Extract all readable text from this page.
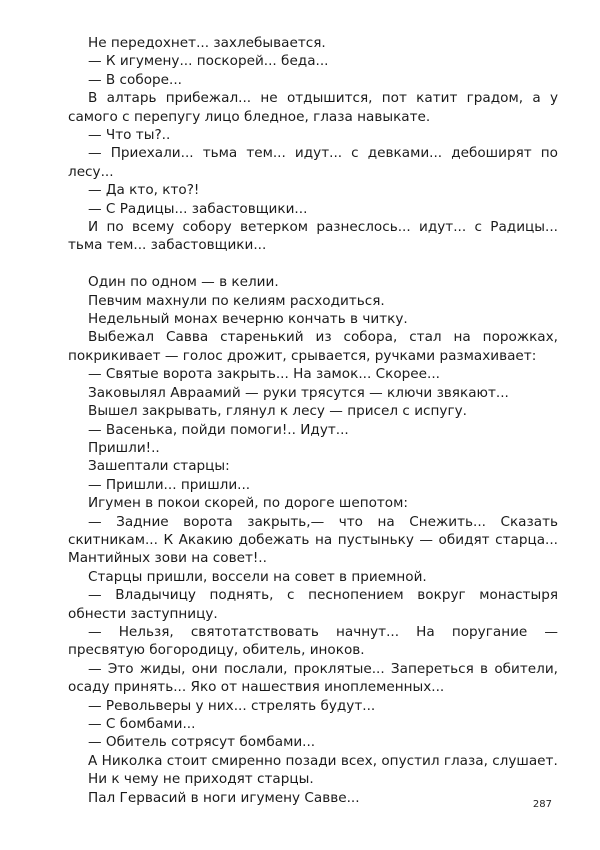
Не передохнет... захлебывается.

— К игумену... поскорей... беда...

— В соборе...

В алтарь прибежал... не отдышится, пот катит градом, а у самого с перепугу лицо бледное, глаза навыкате.

— Что ты?..

— Приехали... тьма тем... идут... с девками... дебоширят по лесу...

— Да кто, кто?!

— С Радицы... забастовщики...

И по всему собору ветерком разнеслось... идут... с Радицы... тьма тем... забастовщики...

Один по одном — в келии.

Певчим махнули по келиям расходиться.

Недельный монах вечерню кончать в читку.

Выбежал Савва старенький из собора, стал на порожках, покрикивает — голос дрожит, срывается, ручками размахивает:

— Святые ворота закрыть... На замок... Скорее...

Заковылял Авраамий — руки трясутся — ключи звякают...

Вышел закрывать, глянул к лесу — присел с испугу.

— Васенька, пойди помоги!.. Идут...

Пришли!..

Зашептали старцы:

— Пришли... пришли...

Игумен в покои скорей, по дороге шепотом:

— Задние ворота закрыть,— что на Снежить... Сказать скитникам... К Акакию добежать на пустыньку — обидят старца... Мантийных зови на совет!..

Старцы пришли, воссели на совет в приемной.

— Владычицу поднять, с песнопением вокруг монастыря обнести заступницу.

— Нельзя, святотатствовать начнут... На поругание — пресвятую богородицу, обитель, иноков.

— Это жиды, они послали, проклятые... Запереться в обители, осаду принять... Яко от нашествия иноплеменных...

— Револьверы у них... стрелять будут...

— С бомбами...

— Обитель сотрясут бомбами...

А Николка стоит смиренно позади всех, опустил глаза, слушает.

Ни к чему не приходят старцы.

Пал Гервасий в ноги игумену Савве...	287
